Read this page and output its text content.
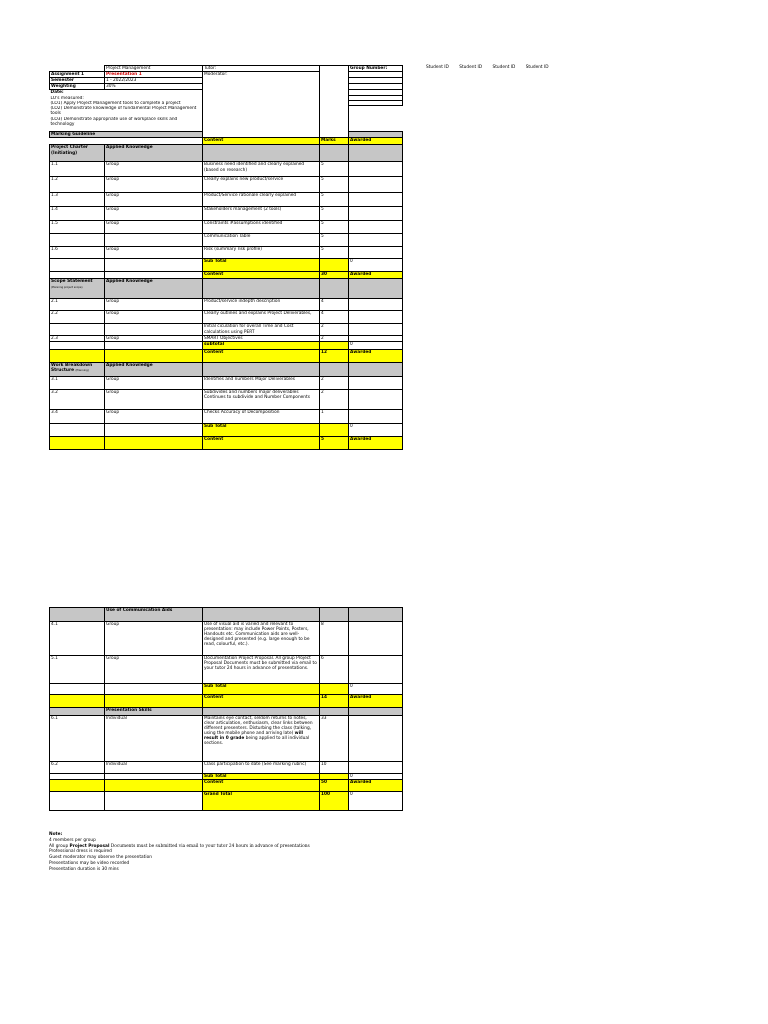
Student ID Student ID Student ID Student ID
	Project Management	Tutor:		Group Number:
Assignment 1	Presentation 1	Moderator:		
Semester	1 - 2022/2023			
Weighting	30%			
Date:				
LO's measured:				
(LO1) Apply Project Management tools to complete a project				
(LO2) Demonstrate knowledge of fundamental Project Management tools				
(LO3) Demonstrate appropriate use of workplace skills and technology				

Marking Guideline				
		Content	Marks	Awarded
Project Charter (Initiating)	Applied Knowledge			
1.1	Group	Business need identified and clearly explained (based on research)	5	
1.2	Group	Clearly explains new product/service	5	
1.3	Group	Product/Service rationale clearly explained	5	
1.4	Group	Stakeholders management (2 tools)	5	
1.5	Group	Constraints #assumptions identified	5	
		Communication Table	5	
1.6	Group	Risk (summary risk profile)	5	
		Sub Total		0
		Content	30	Awarded
Scope Statement
(Planning project scope)	Applied Knowledge			
2.1	Group	Product/service indepth description	4	
2.2	Group	Clearly outlines and explains Project Deliverables,	4	
		Initial ciculation for overall Time and Cost calculations using PERT	2	
2.3	Group	SMART Objectives	2	
		subtotal		0
		Content	12	Awarded
Work Breakdown Structure (Planning)	Applied Knowledge			
3.1	Group	Identifies and numbers Major Deliverables	2	
3.2	Group	Subdivides and numbers major deliverables Continues to subdivide and Number Components	2	
3.4	Group	Checks Accuracy of Decomposition	1	
		Sub Total		0
		Content	5	Awarded
	Use of Communication Aids			
4.1	Group	Use of visual aid is varied and relevant to presentation: may include Power Points, Posters, Handouts etc. Communication aids are well-designed and presented (e.g. large enough to be read, colourful, etc.).	8	
5.1	Group	Documentation Project Proposal. All group Project Proposal Documents must be submitted via email to your tutor 24 hours in advance of presentations.	6	
		Sub Total		0
		Content	14	Awarded
	Presentation Skills			
6.1	Individual	Maintains eye contact, seldom returns to notes, clear articulation, enthusiasm, clear links between different presenters. Disturbing the class (talking, using the mobile phone and arriving late) will result in 0 grade being applied to all individual sections.	33	
6.2	Individual	Class participation to date (See marking rubric)	10	
		Sub Total		0
		Content	50	Awarded
		Grand Total	100	0
Note:
4 members per group
All group Project Proposal Documents must be submitted via email to your tutor 24 hours in advance of presentations
Professional dress is required
Guest moderator may observe the presentation
Presentations may be video recorded
Presentation duration is 30 mins
